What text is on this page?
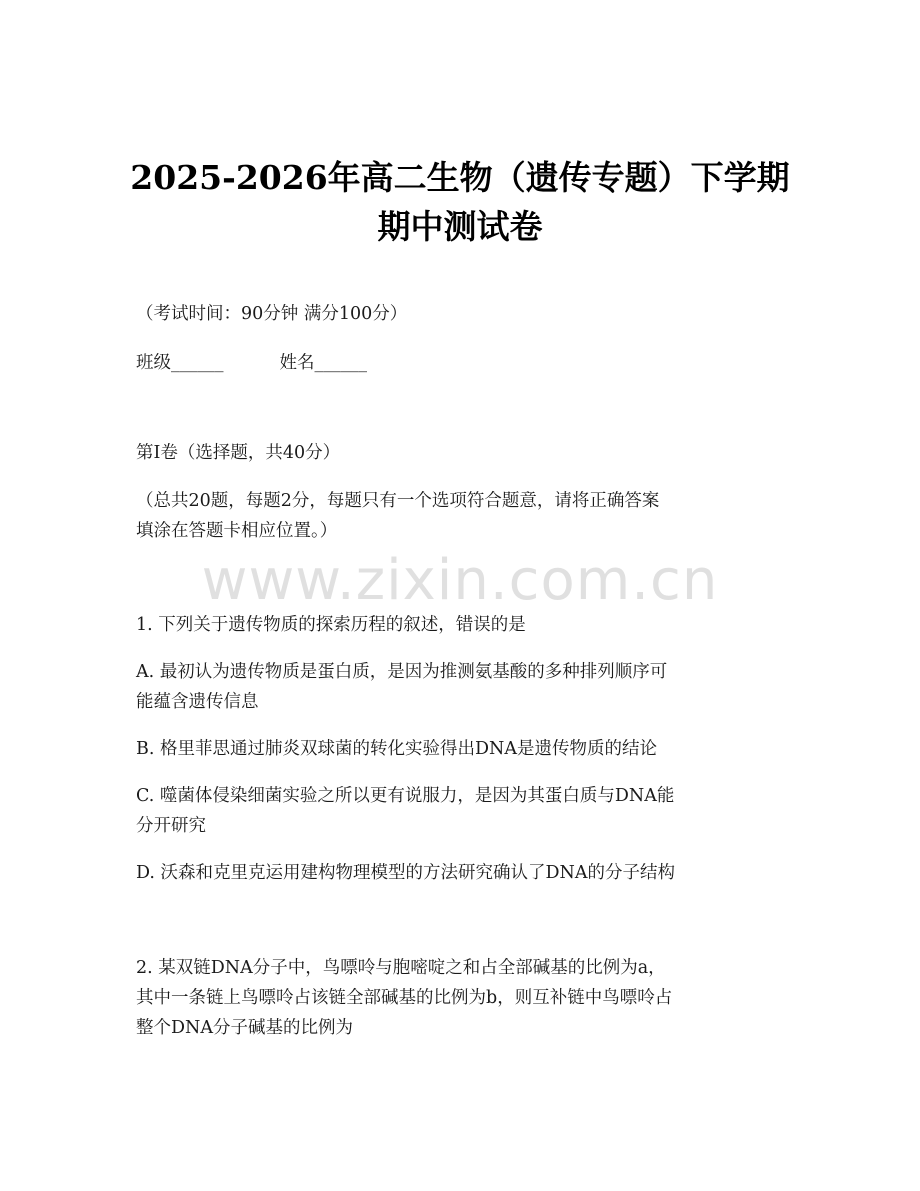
2025-2026年高二生物（遗传专题）下学期
期中测试卷
（考试时间：90分钟 满分100分）
班级______	姓名______
第I卷（选择题，共40分）
（总共20题，每题2分，每题只有一个选项符合题意，请将正确答案
填涂在答题卡相应位置。）
www.zixin.com.cn
1. 下列关于遗传物质的探索历程的叙述，错误的是
A. 最初认为遗传物质是蛋白质，是因为推测氨基酸的多种排列顺序可
能蕴含遗传信息
B. 格里菲思通过肺炎双球菌的转化实验得出DNA是遗传物质的结论
C. 噬菌体侵染细菌实验之所以更有说服力，是因为其蛋白质与DNA能
分开研究
D. 沃森和克里克运用建构物理模型的方法研究确认了DNA的分子结构
2. 某双链DNA分子中，鸟嘌呤与胞嘧啶之和占全部碱基的比例为a，
其中一条链上鸟嘌呤占该链全部碱基的比例为b，则互补链中鸟嘌呤占
整个DNA分子碱基的比例为
